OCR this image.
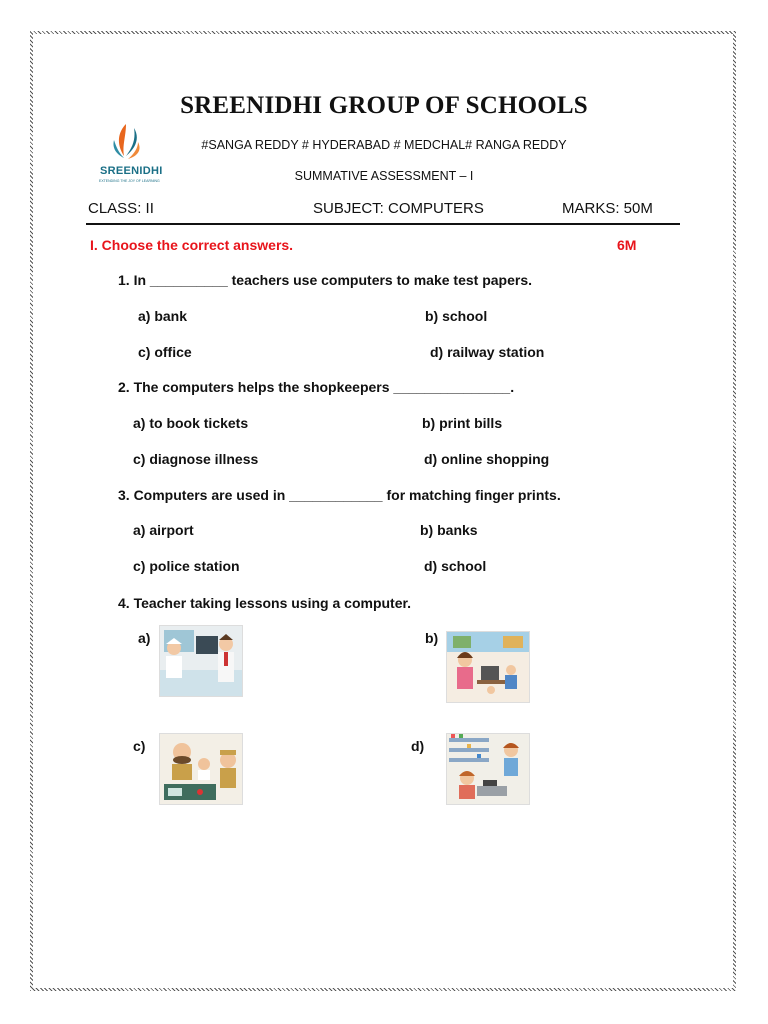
SREENIDHI
EXTENDING THE JOY OF LEARNING
SREENIDHI GROUP OF SCHOOLS
#SANGA REDDY # HYDERABAD # MEDCHAL# RANGA REDDY
SUMMATIVE ASSESSMENT – I
CLASS: II	SUBJECT: COMPUTERS	MARKS: 50M
I. Choose the correct answers.	6M
1. In __________ teachers use computers to make test papers.
a) bank	b) school
c) office	d) railway station
2. The computers helps the shopkeepers _______________.
a) to book tickets	b) print bills
c) diagnose illness	d) online shopping
3. Computers are used in ____________ for matching finger prints.
a) airport	b) banks
c) police station	d) school
4. Teacher taking lessons using a computer.
a)	b)
c)	d)
